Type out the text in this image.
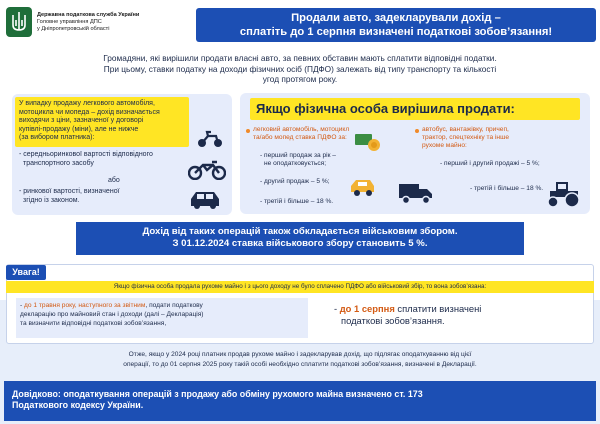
Державна податкова служба України
Головне управління ДПС
у Дніпропетровській області
Продали авто, задекларували дохід –
сплатіть до 1 серпня визначені податкові зобов’язання!
Громадяни, які вирішили продати власні авто, за певних обставин мають сплатити відповідні податки.
При цьому, ставки податку на доходи фізичних осіб (ПДФО) залежать від типу транспорту та кількості
угод протягом року.
У випадку продажу легкового автомобіля,
мотоцикла чи мопеда – дохід визначається
виходячи з ціни, зазначеної у договорі
купівлі-продажу (міни), але не нижче
(за вибором платника):
- середньоринкової вартості відповідного
транспортного засобу
або
- ринкової вартості, визначеної
згідно із законом.
Якщо фізична особа вирішила продати:
легковий автомобіль, мотоцикл
та/або мопед ставка ПДФО за:
- перший продаж за рік –
не оподатковується;
- другий продаж – 5 %;
- третій і більше – 18 %.
автобус, вантажівку, причеп,
трактор, спецтехніку та інше
рухоме майно:
- перший і другий продажі – 5 %;
- третій і більше – 18 %.
Дохід від таких операцій також обкладається військовим збором.
З 01.12.2024 ставка військового збору становить 5 %.
Увага!
Якщо фізична особа продала рухоме майно і з цього доходу не було сплачено ПДФО або військовий збір, то вона зобов’язана:
- до 1 травня року, наступного за звітним, подати податкову
декларацію про майновий стан і доходи (далі – Декларація)
та визначити відповідні податкові зобов’язання,
- до 1 серпня сплатити визначені
податкові зобов’язання.
Отже, якщо у 2024 році платник продав рухоме майно і задекларував дохід, що підлягає оподаткуванню від цієї
операції, то до 01 серпня 2025 року такій особі необхідно сплатити податкові зобов’язання, визначені в Декларації.
Довідково: оподаткування операцій з продажу або обміну рухомого майна визначено ст. 173
Податкового кодексу України.
